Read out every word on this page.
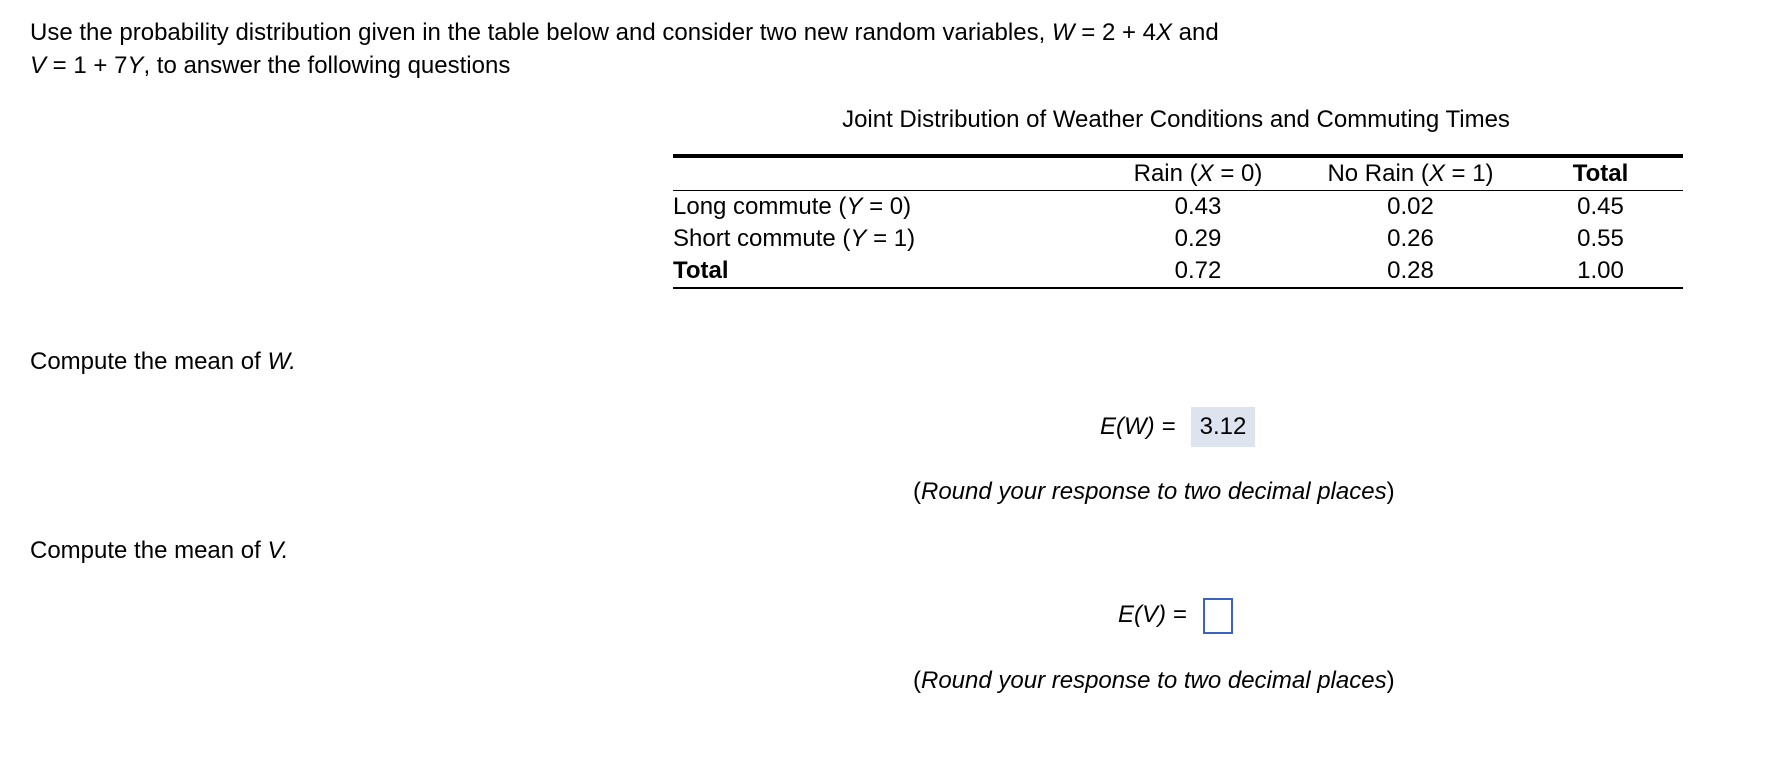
Use the probability distribution given in the table below and consider two new random variables, W = 2 + 4X and
V = 1 + 7Y, to answer the following questions
Joint Distribution of Weather Conditions and Commuting Times
	Rain (X = 0)	No Rain (X = 1)	Total
Long commute (Y = 0)	0.43	0.02	0.45
Short commute (Y = 1)	0.29	0.26	0.55
Total	0.72	0.28	1.00
Compute the mean of W.
E(W) =	3.12
(Round your response to two decimal places)
Compute the mean of V.
E(V) =
(Round your response to two decimal places)
